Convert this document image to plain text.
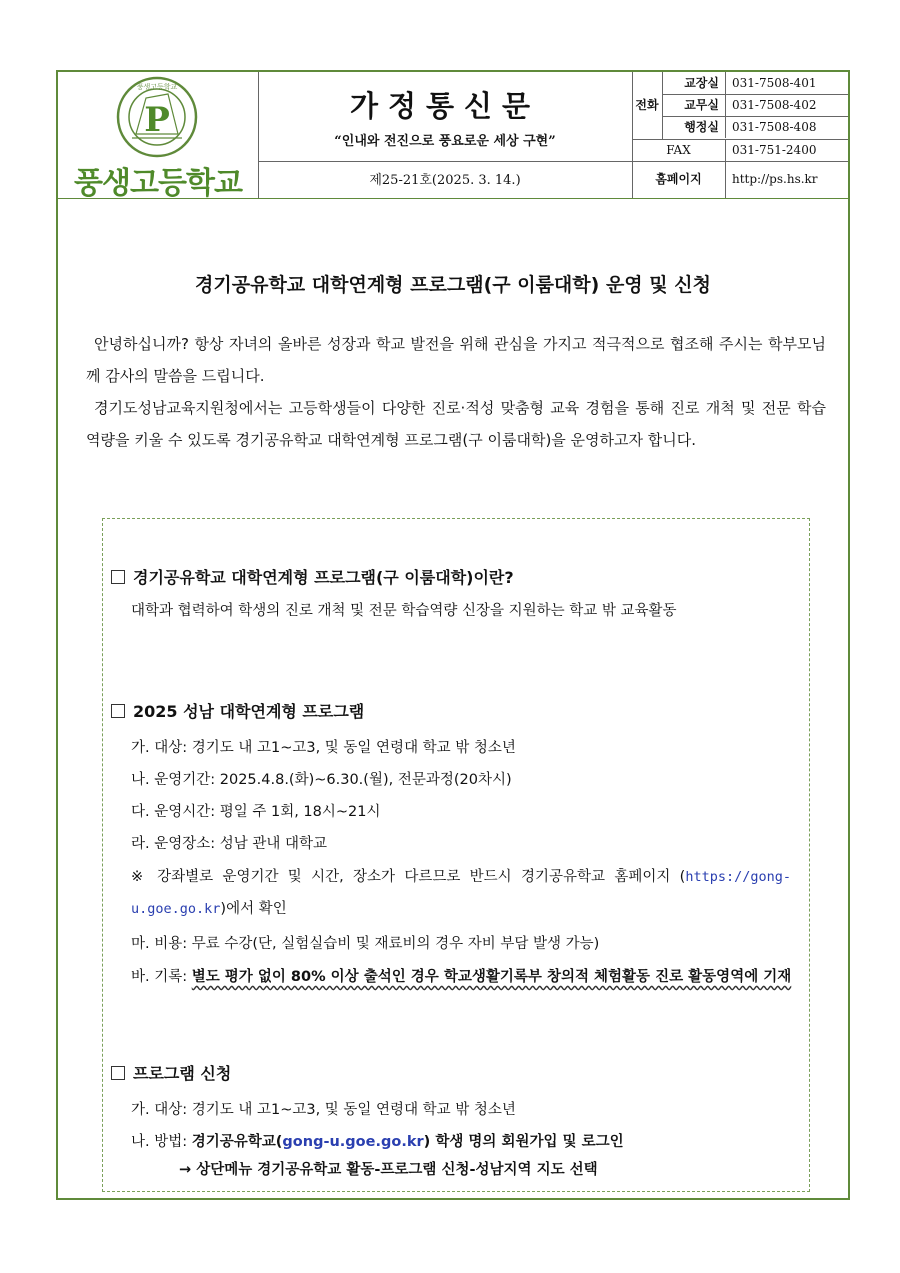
풍생고등학교
P
풍생고등학교
가정통신문
“인내와 전진으로 풍요로운 세상 구현”
제25-21호(2025. 3. 14.)
전화
교장실	031-7508-401
교무실	031-7508-402
행정실	031-7508-408
FAX	031-751-2400
홈페이지	http://ps.hs.kr
경기공유학교 대학연계형 프로그램(구 이룸대학) 운영 및 신청

안녕하십니까? 항상 자녀의 올바른 성장과 학교 발전을 위해 관심을 가지고 적극적으로 협조해 주시는 학부모님께 감사의 말씀을 드립니다.

경기도성남교육지원청에서는 고등학생들이 다양한 진로·적성 맞춤형 교육 경험을 통해 진로 개척 및 전문 학습 역량을 키울 수 있도록 경기공유학교 대학연계형 프로그램(구 이룸대학)을 운영하고자 합니다.

경기공유학교 대학연계형 프로그램(구 이룸대학)이란?
대학과 협력하여 학생의 진로 개척 및 전문 학습역량 신장을 지원하는 학교 밖 교육활동
2025 성남 대학연계형 프로그램
가. 대상: 경기도 내 고1~고3, 및 동일 연령대 학교 밖 청소년
나. 운영기간: 2025.4.8.(화)~6.30.(월), 전문과정(20차시)
다. 운영시간: 평일 주 1회, 18시~21시
라. 운영장소: 성남 관내 대학교
※ 강좌별로 운영기간 및 시간, 장소가 다르므로 반드시 경기공유학교 홈페이지 (https://gong-u.goe.go.kr)에서 확인
마. 비용: 무료 수강(단, 실험실습비 및 재료비의 경우 자비 부담 발생 가능)
바. 기록: 별도 평가 없이 80% 이상 출석인 경우 학교생활기록부 창의적 체험활동 진로 활동영역에 기재
프로그램 신청
가. 대상: 경기도 내 고1~고3, 및 동일 연령대 학교 밖 청소년
나. 방법: 경기공유학교(gong-u.goe.go.kr) 학생 명의 회원가입 및 로그인
→ 상단메뉴 경기공유학교 활동-프로그램 신청-성남지역 지도 선택
